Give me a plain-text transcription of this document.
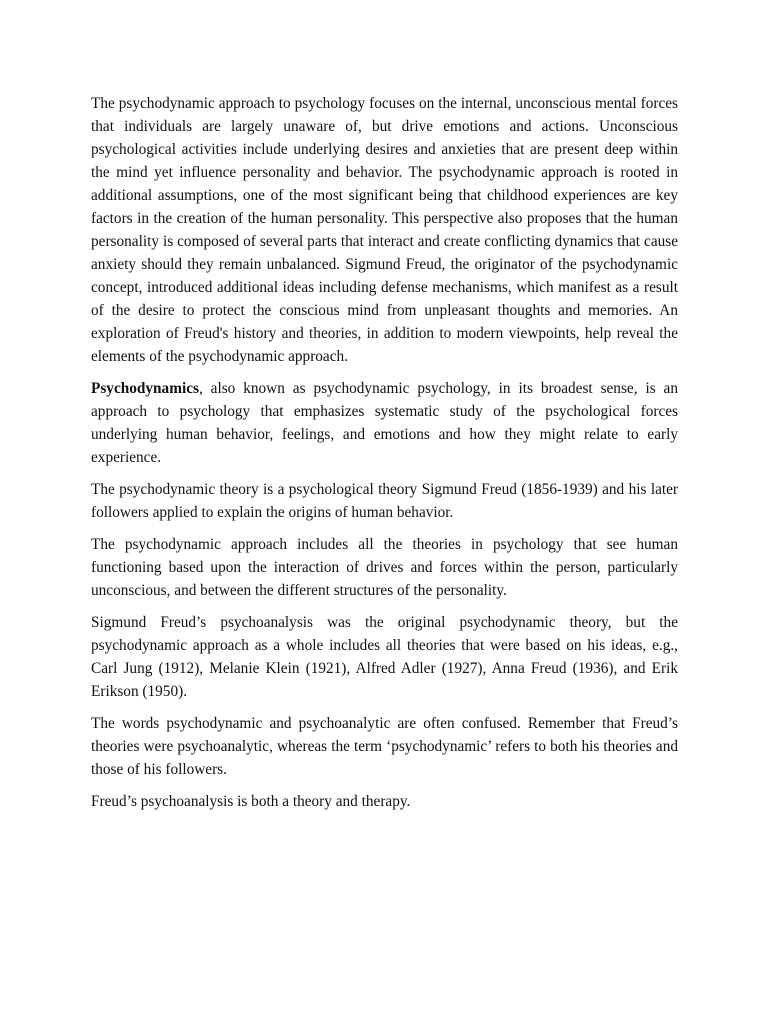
The psychodynamic approach to psychology focuses on the internal, unconscious mental forces that individuals are largely unaware of, but drive emotions and actions. Unconscious psychological activities include underlying desires and anxieties that are present deep within the mind yet influence personality and behavior. The psychodynamic approach is rooted in additional assumptions, one of the most significant being that childhood experiences are key factors in the creation of the human personality. This perspective also proposes that the human personality is composed of several parts that interact and create conflicting dynamics that cause anxiety should they remain unbalanced. Sigmund Freud, the originator of the psychodynamic concept, introduced additional ideas including defense mechanisms, which manifest as a result of the desire to protect the conscious mind from unpleasant thoughts and memories. An exploration of Freud's history and theories, in addition to modern viewpoints, help reveal the elements of the psychodynamic approach.

Psychodynamics, also known as psychodynamic psychology, in its broadest sense, is an approach to psychology that emphasizes systematic study of the psychological forces underlying human behavior, feelings, and emotions and how they might relate to early experience.

The psychodynamic theory is a psychological theory Sigmund Freud (1856-1939) and his later followers applied to explain the origins of human behavior.

The psychodynamic approach includes all the theories in psychology that see human functioning based upon the interaction of drives and forces within the person, particularly unconscious, and between the different structures of the personality.

Sigmund Freud’s psychoanalysis was the original psychodynamic theory, but the psychodynamic approach as a whole includes all theories that were based on his ideas, e.g., Carl Jung (1912), Melanie Klein (1921), Alfred Adler (1927), Anna Freud (1936), and Erik Erikson (1950).

The words psychodynamic and psychoanalytic are often confused. Remember that Freud’s theories were psychoanalytic, whereas the term ‘psychodynamic’ refers to both his theories and those of his followers.

Freud’s psychoanalysis is both a theory and therapy.
